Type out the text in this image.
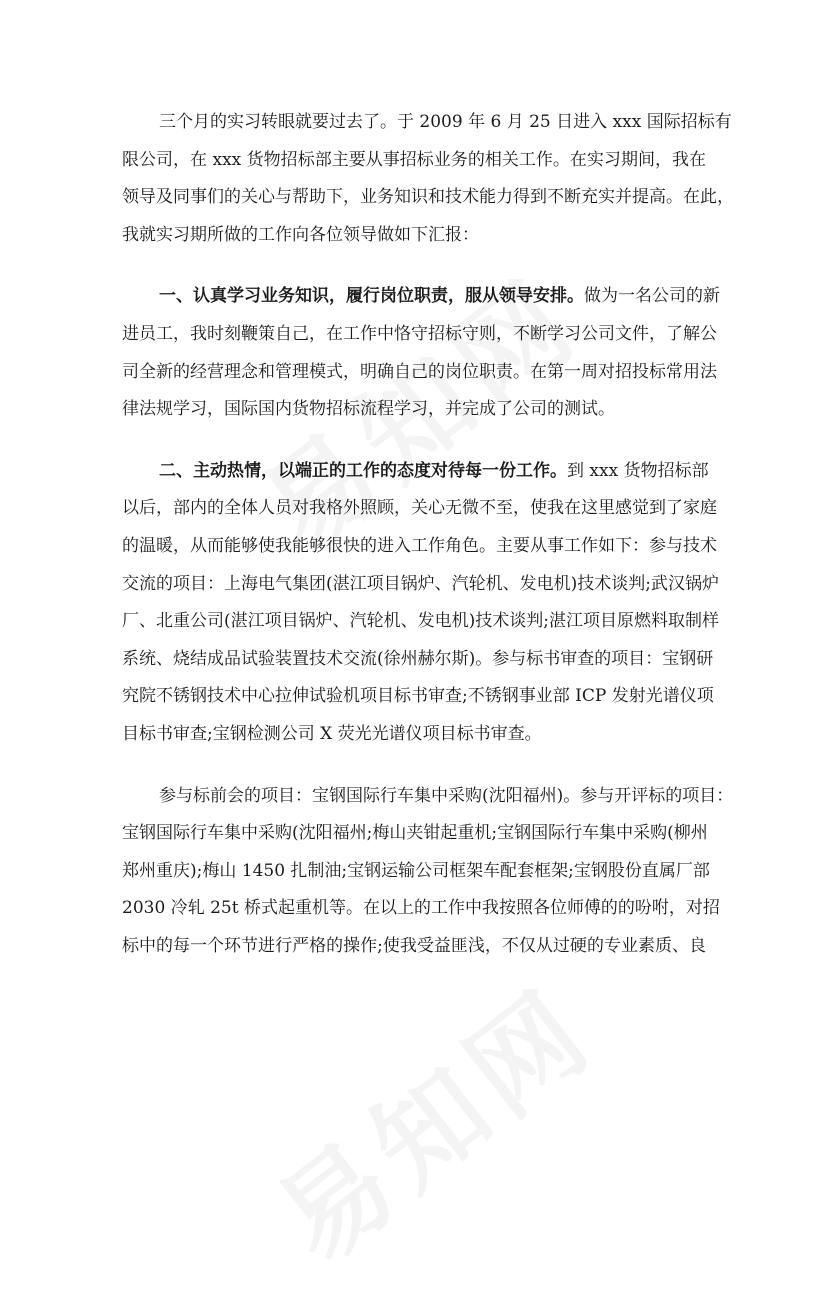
三个月的实习转眼就要过去了。于 2009 年 6 月 25 日进入 xxx 国际招标有
限公司，在 xxx 货物招标部主要从事招标业务的相关工作。在实习期间，我在
领导及同事们的关心与帮助下，业务知识和技术能力得到不断充实并提高。在此，
我就实习期所做的工作向各位领导做如下汇报：

一、认真学习业务知识，履行岗位职责，服从领导安排。做为一名公司的新
进员工，我时刻鞭策自己，在工作中恪守招标守则，不断学习公司文件，了解公
司全新的经营理念和管理模式，明确自己的岗位职责。在第一周对招投标常用法
律法规学习，国际国内货物招标流程学习，并完成了公司的测试。

二、主动热情，以端正的工作的态度对待每一份工作。到 xxx 货物招标部
以后，部内的全体人员对我格外照顾，关心无微不至，使我在这里感觉到了家庭
的温暖，从而能够使我能够很快的进入工作角色。主要从事工作如下：参与技术
交流的项目：上海电气集团(湛江项目锅炉、汽轮机、发电机)技术谈判;武汉锅炉
厂、北重公司(湛江项目锅炉、汽轮机、发电机)技术谈判;湛江项目原燃料取制样
系统、烧结成品试验装置技术交流(徐州赫尔斯)。参与标书审查的项目：宝钢研
究院不锈钢技术中心拉伸试验机项目标书审查;不锈钢事业部 ICP 发射光谱仪项
目标书审查;宝钢检测公司 X 荧光光谱仪项目标书审查。

参与标前会的项目：宝钢国际行车集中采购(沈阳福州)。参与开评标的项目：
宝钢国际行车集中采购(沈阳福州;梅山夹钳起重机;宝钢国际行车集中采购(柳州
郑州重庆);梅山 1450 扎制油;宝钢运输公司框架车配套框架;宝钢股份直属厂部
2030 冷轧 25t 桥式起重机等。在以上的工作中我按照各位师傅的的吩咐，对招
标中的每一个环节进行严格的操作;使我受益匪浅，不仅从过硬的专业素质、良
